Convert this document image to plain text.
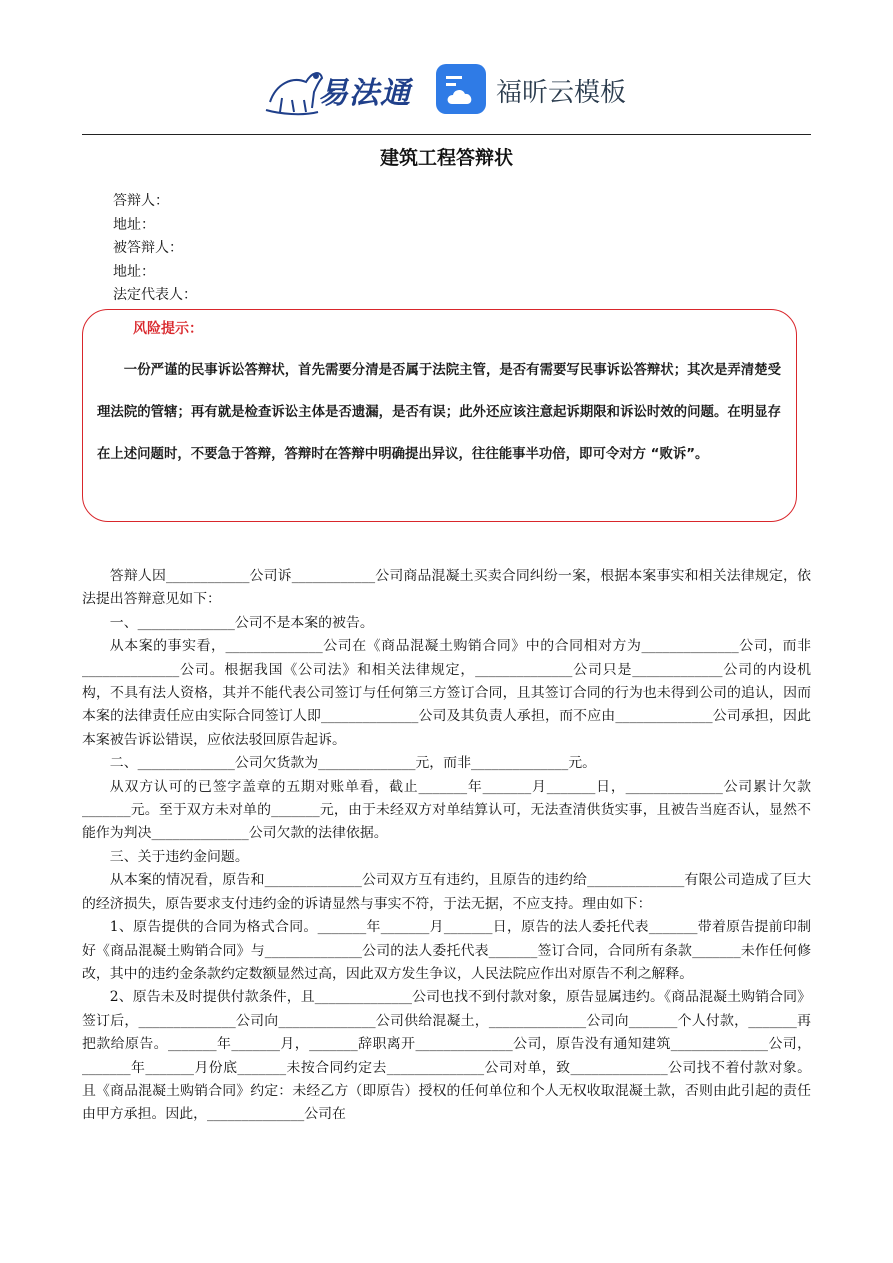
易法通	福昕云模板
建筑工程答辩状
答辩人：
地址：
被答辩人：
地址：
法定代表人：
风险提示：
一份严谨的民事诉讼答辩状，首先需要分清是否属于法院主管，是否有需要写民事诉讼答辩状；其次是弄清楚受理法院的管辖；再有就是检查诉讼主体是否遗漏，是否有误；此外还应该注意起诉期限和诉讼时效的问题。在明显存在上述问题时，不要急于答辩，答辩时在答辩中明确提出异议，往往能事半功倍，即可令对方 “败诉”。

答辩人因____________公司诉____________公司商品混凝土买卖合同纠纷一案，根据本案事实和相关法律规定，依法提出答辩意见如下：

一、______________公司不是本案的被告。

从本案的事实看，______________公司在《商品混凝土购销合同》中的合同相对方为______________公司，而非______________公司。根据我国《公司法》和相关法律规定，______________公司只是_____________公司的内设机构，不具有法人资格，其并不能代表公司签订与任何第三方签订合同，且其签订合同的行为也未得到公司的追认，因而本案的法律责任应由实际合同签订人即______________公司及其负责人承担，而不应由______________公司承担，因此本案被告诉讼错误，应依法驳回原告起诉。

二、______________公司欠货款为______________元，而非______________元。

从双方认可的已签字盖章的五期对账单看，截止_______年_______月_______日，______________公司累计欠款_______元。至于双方未对单的_______元，由于未经双方对单结算认可，无法查清供货实事，且被告当庭否认，显然不能作为判决______________公司欠款的法律依据。

三、关于违约金问题。

从本案的情况看，原告和______________公司双方互有违约，且原告的违约给______________有限公司造成了巨大的经济损失，原告要求支付违约金的诉请显然与事实不符，于法无据，不应支持。理由如下：

1、原告提供的合同为格式合同。_______年_______月_______日，原告的法人委托代表_______带着原告提前印制好《商品混凝土购销合同》与______________公司的法人委托代表_______签订合同，合同所有条款_______未作任何修改，其中的违约金条款约定数额显然过高，因此双方发生争议，人民法院应作出对原告不利之解释。

2、原告未及时提供付款条件，且______________公司也找不到付款对象，原告显属违约。《商品混凝土购销合同》签订后，______________公司向______________公司供给混凝土，______________公司向_______个人付款，_______再把款给原告。_______年_______月，_______辞职离开______________公司，原告没有通知建筑______________公司，_______年_______月份底_______未按合同约定去______________公司对单，致______________公司找不着付款对象。且《商品混凝土购销合同》约定：未经乙方（即原告）授权的任何单位和个人无权收取混凝土款，否则由此引起的责任由甲方承担。因此，______________公司在
